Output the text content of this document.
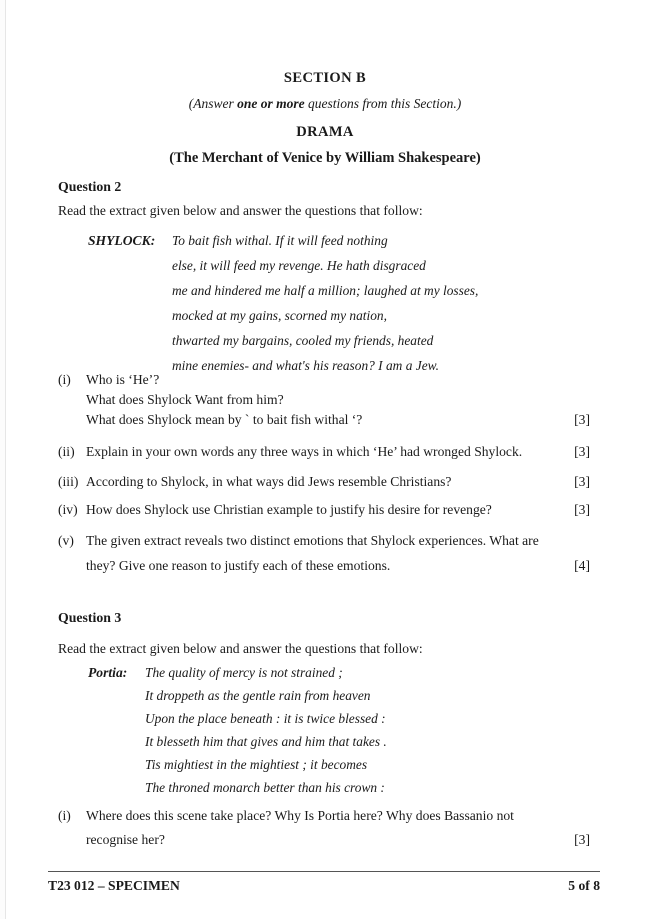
SECTION B
(Answer one or more questions from this Section.)
DRAMA
(The Merchant of Venice by William Shakespeare)
Question 2
Read the extract given below and answer the questions that follow:
SHYLOCK: To bait fish withal. If it will feed nothing
else, it will feed my revenge. He hath disgraced
me and hindered me half a million; laughed at my losses,
mocked at my gains, scorned my nation,
thwarted my bargains, cooled my friends, heated
mine enemies- and what's his reason? I am a Jew.
(i) Who is ‘He’?
What does Shylock Want from him?
What does Shylock mean by ` to bait fish withal ‘?	[3]
(ii) Explain in your own words any three ways in which ‘He’ had wronged Shylock.	[3]
(iii) According to Shylock, in what ways did Jews resemble Christians?	[3]
(iv) How does Shylock use Christian example to justify his desire for revenge?	[3]
(v) The given extract reveals two distinct emotions that Shylock experiences. What are
they? Give one reason to justify each of these emotions.	[4]
Question 3
Read the extract given below and answer the questions that follow:
Portia: The quality of mercy is not strained ;
It droppeth as the gentle rain from heaven
Upon the place beneath : it is twice blessed :
It blesseth him that gives and him that takes .
Tis mightiest in the mightiest ; it becomes
The throned monarch better than his crown :
(i) Where does this scene take place? Why Is Portia here? Why does Bassanio not
recognise her?	[3]
T23 012 – SPECIMEN	5 of 8
